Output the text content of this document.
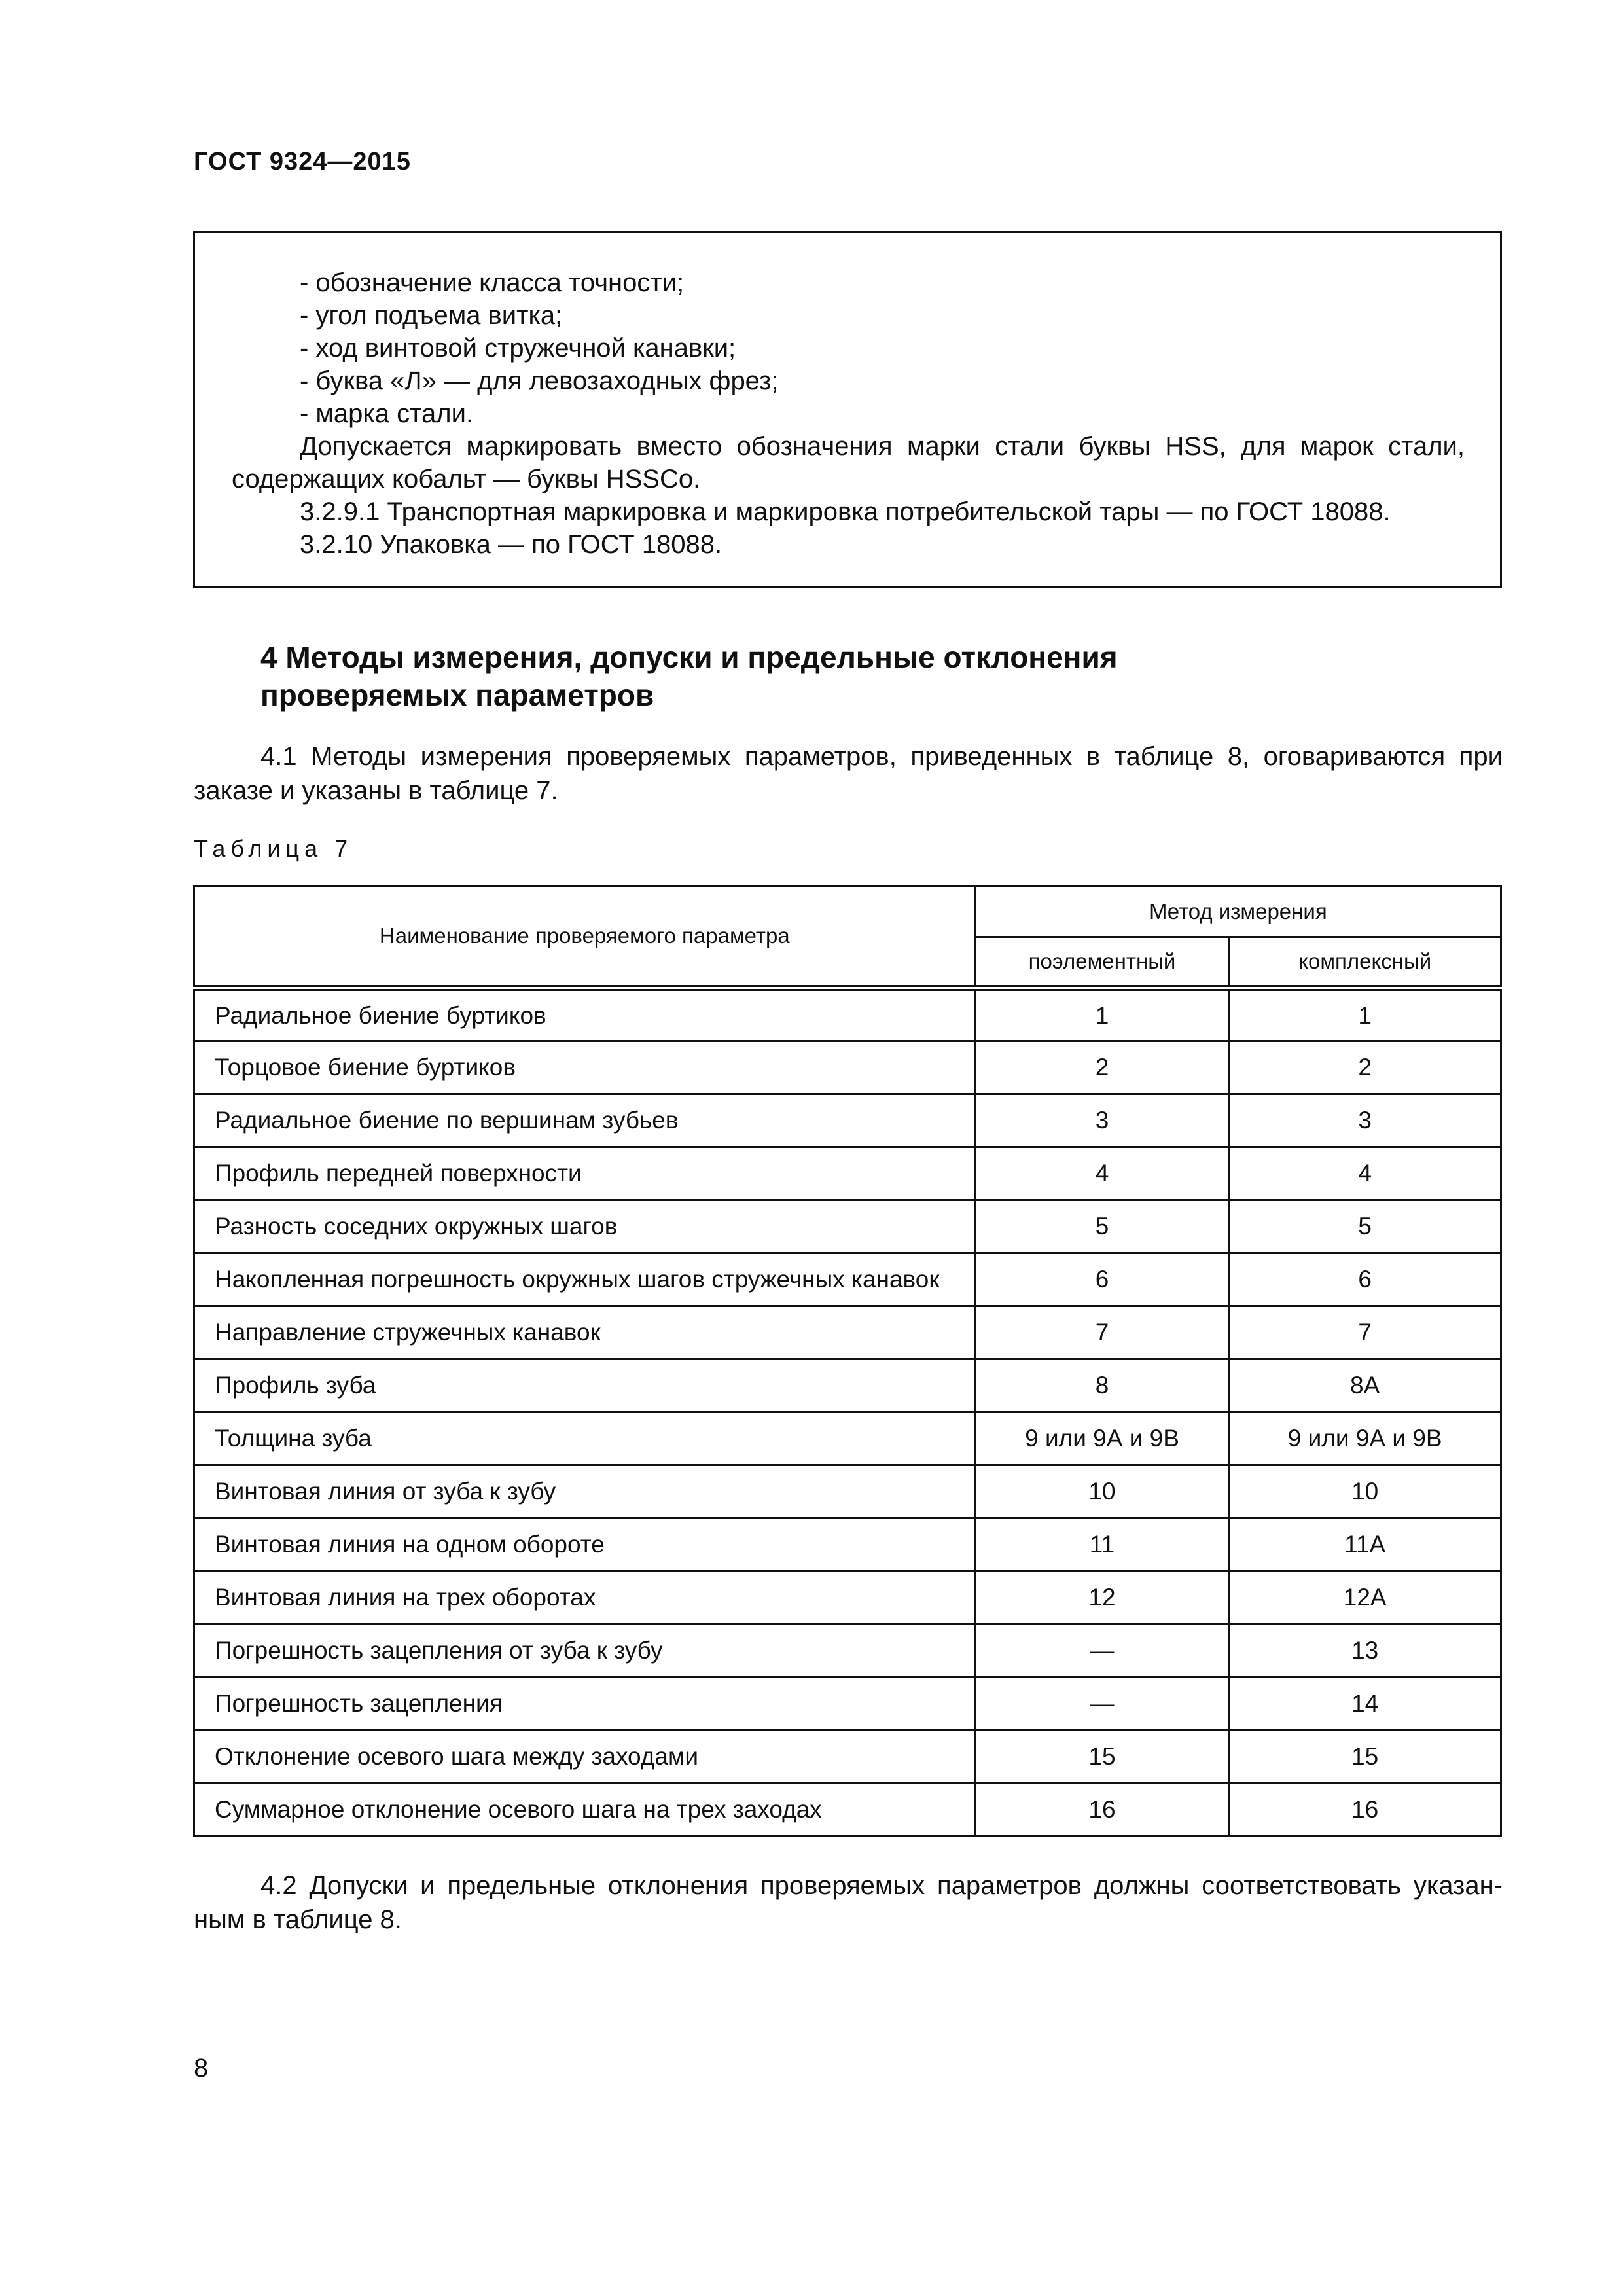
ГОСТ 9324—2015
- обозначение класса точности;
- угол подъема витка;
- ход винтовой стружечной канавки;
- буква «Л» — для левозаходных фрез;
- марка стали.
Допускается маркировать вместо обозначения марки стали буквы HSS, для марок стали,
содержащих кобальт — буквы HSSCo.
3.2.9.1 Транспортная маркировка и маркировка потребительской тары — по ГОСТ 18088.
3.2.10 Упаковка — по ГОСТ 18088.
4 Методы измерения, допуски и предельные отклонения
проверяемых параметров
4.1 Методы измерения проверяемых параметров, приведенных в таблице 8, оговариваются при
заказе и указаны в таблице 7.
Таблица 7
Наименование проверяемого параметра	Метод измерения	
	поэлементный	комплексный
Радиальное биение буртиков	1	1
Торцовое биение буртиков	2	2
Радиальное биение по вершинам зубьев	3	3
Профиль передней поверхности	4	4
Разность соседних окружных шагов	5	5
Накопленная погрешность окружных шагов стружечных канавок	6	6
Направление стружечных канавок	7	7
Профиль зуба	8	8А
Толщина зуба	9 или 9А и 9В	9 или 9А и 9В
Винтовая линия от зуба к зубу	10	10
Винтовая линия на одном обороте	11	11А
Винтовая линия на трех оборотах	12	12А
Погрешность зацепления от зуба к зубу	—	13
Погрешность зацепления	—	14
Отклонение осевого шага между заходами	15	15
Суммарное отклонение осевого шага на трех заходах	16	16
4.2 Допуски и предельные отклонения проверяемых параметров должны соответствовать указан-
ным в таблице 8.
8
